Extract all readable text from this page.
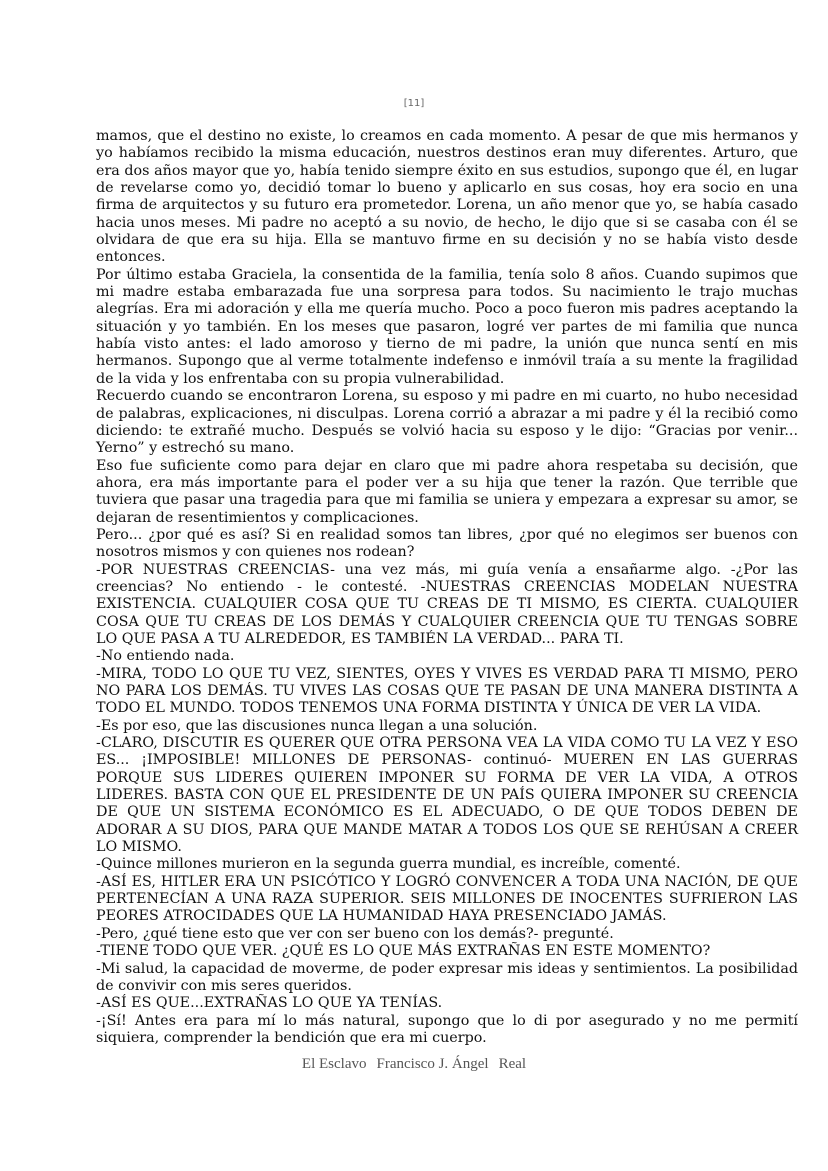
[11]

mamos, que el destino no existe, lo creamos en cada momento. A pesar de que mis hermanos y yo habíamos recibido la misma educación, nuestros destinos eran muy diferentes. Arturo, que era dos años mayor que yo, había tenido siempre éxito en sus estudios, supongo que él, en lugar de revelarse como yo, decidió tomar lo bueno y aplicarlo en sus cosas, hoy era socio en una firma de arquitectos y su futuro era prometedor. Lorena, un año menor que yo, se había casado hacia unos meses. Mi padre no aceptó a su novio, de hecho, le dijo que si se casaba con él se olvidara de que era su hija. Ella se mantuvo firme en su decisión y no se había visto desde entonces.

Por último estaba Graciela, la consentida de la familia, tenía solo 8 años. Cuando supimos que mi madre estaba embarazada fue una sorpresa para todos. Su nacimiento le trajo muchas alegrías. Era mi adoración y ella me quería mucho. Poco a poco fueron mis padres aceptando la situación y yo también. En los meses que pasaron, logré ver partes de mi familia que nunca había visto antes: el lado amoroso y tierno de mi padre, la unión que nunca sentí en mis hermanos. Supongo que al verme totalmente indefenso e inmóvil traía a su mente la fragilidad de la vida y los enfrentaba con su propia vulnerabilidad.

Recuerdo cuando se encontraron Lorena, su esposo y mi padre en mi cuarto, no hubo necesidad de palabras, explicaciones, ni disculpas. Lorena corrió a abrazar a mi padre y él la recibió como diciendo: te extrañé mucho. Después se volvió hacia su esposo y le dijo: “Gracias por venir... Yerno” y estrechó su mano.

Eso fue suficiente como para dejar en claro que mi padre ahora respetaba su decisión, que ahora, era más importante para el poder ver a su hija que tener la razón. Que terrible que tuviera que pasar una tragedia para que mi familia se uniera y empezara a expresar su amor, se dejaran de resentimientos y complicaciones.

Pero... ¿por qué es así? Si en realidad somos tan libres, ¿por qué no elegimos ser buenos con nosotros mismos y con quienes nos rodean?

-POR NUESTRAS CREENCIAS- una vez más, mi guía venía a ensañarme algo. -¿Por las creencias? No entiendo - le contesté. -NUESTRAS CREENCIAS MODELAN NUESTRA EXISTENCIA. CUALQUIER COSA QUE TU CREAS DE TI MISMO, ES CIERTA. CUALQUIER COSA QUE TU CREAS DE LOS DEMÁS Y CUALQUIER CREENCIA QUE TU TENGAS SOBRE LO QUE PASA A TU ALREDEDOR, ES TAMBIÉN LA VERDAD... PARA TI.

-No entiendo nada.

-MIRA, TODO LO QUE TU VEZ, SIENTES, OYES Y VIVES ES VERDAD PARA TI MISMO, PERO NO PARA LOS DEMÁS. TU VIVES LAS COSAS QUE TE PASAN DE UNA MANERA DISTINTA A TODO EL MUNDO. TODOS TENEMOS UNA FORMA DISTINTA Y ÚNICA DE VER LA VIDA.

-Es por eso, que las discusiones nunca llegan a una solución.

-CLARO, DISCUTIR ES QUERER QUE OTRA PERSONA VEA LA VIDA COMO TU LA VEZ Y ESO ES... ¡IMPOSIBLE! MILLONES DE PERSONAS- continuó- MUEREN EN LAS GUERRAS PORQUE SUS LIDERES QUIEREN IMPONER SU FORMA DE VER LA VIDA, A OTROS LIDERES. BASTA CON QUE EL PRESIDENTE DE UN PAÍS QUIERA IMPONER SU CREENCIA DE QUE UN SISTEMA ECONÓMICO ES EL ADECUADO, O DE QUE TODOS DEBEN DE ADORAR A SU DIOS, PARA QUE MANDE MATAR A TODOS LOS QUE SE REHÚSAN A CREER LO MISMO.

-Quince millones murieron en la segunda guerra mundial, es increíble, comenté.

-ASÍ ES, HITLER ERA UN PSICÓTICO Y LOGRÓ CONVENCER A TODA UNA NACIÓN, DE QUE PERTENECÍAN A UNA RAZA SUPERIOR. SEIS MILLONES DE INOCENTES SUFRIERON LAS PEORES ATROCIDADES QUE LA HUMANIDAD HAYA PRESENCIADO JAMÁS.

-Pero, ¿qué tiene esto que ver con ser bueno con los demás?- pregunté.

-TIENE TODO QUE VER. ¿QUÉ ES LO QUE MÁS EXTRAÑAS EN ESTE MOMENTO?

-Mi salud, la capacidad de moverme, de poder expresar mis ideas y sentimientos. La posibilidad de convivir con mis seres queridos.

-ASÍ ES QUE...EXTRAÑAS LO QUE YA TENÍAS.

-¡Sí! Antes era para mí lo más natural, supongo que lo di por asegurado y no me permití siquiera, comprender la bendición que era mi cuerpo.

El Esclavo Francisco J. Ángel Real
